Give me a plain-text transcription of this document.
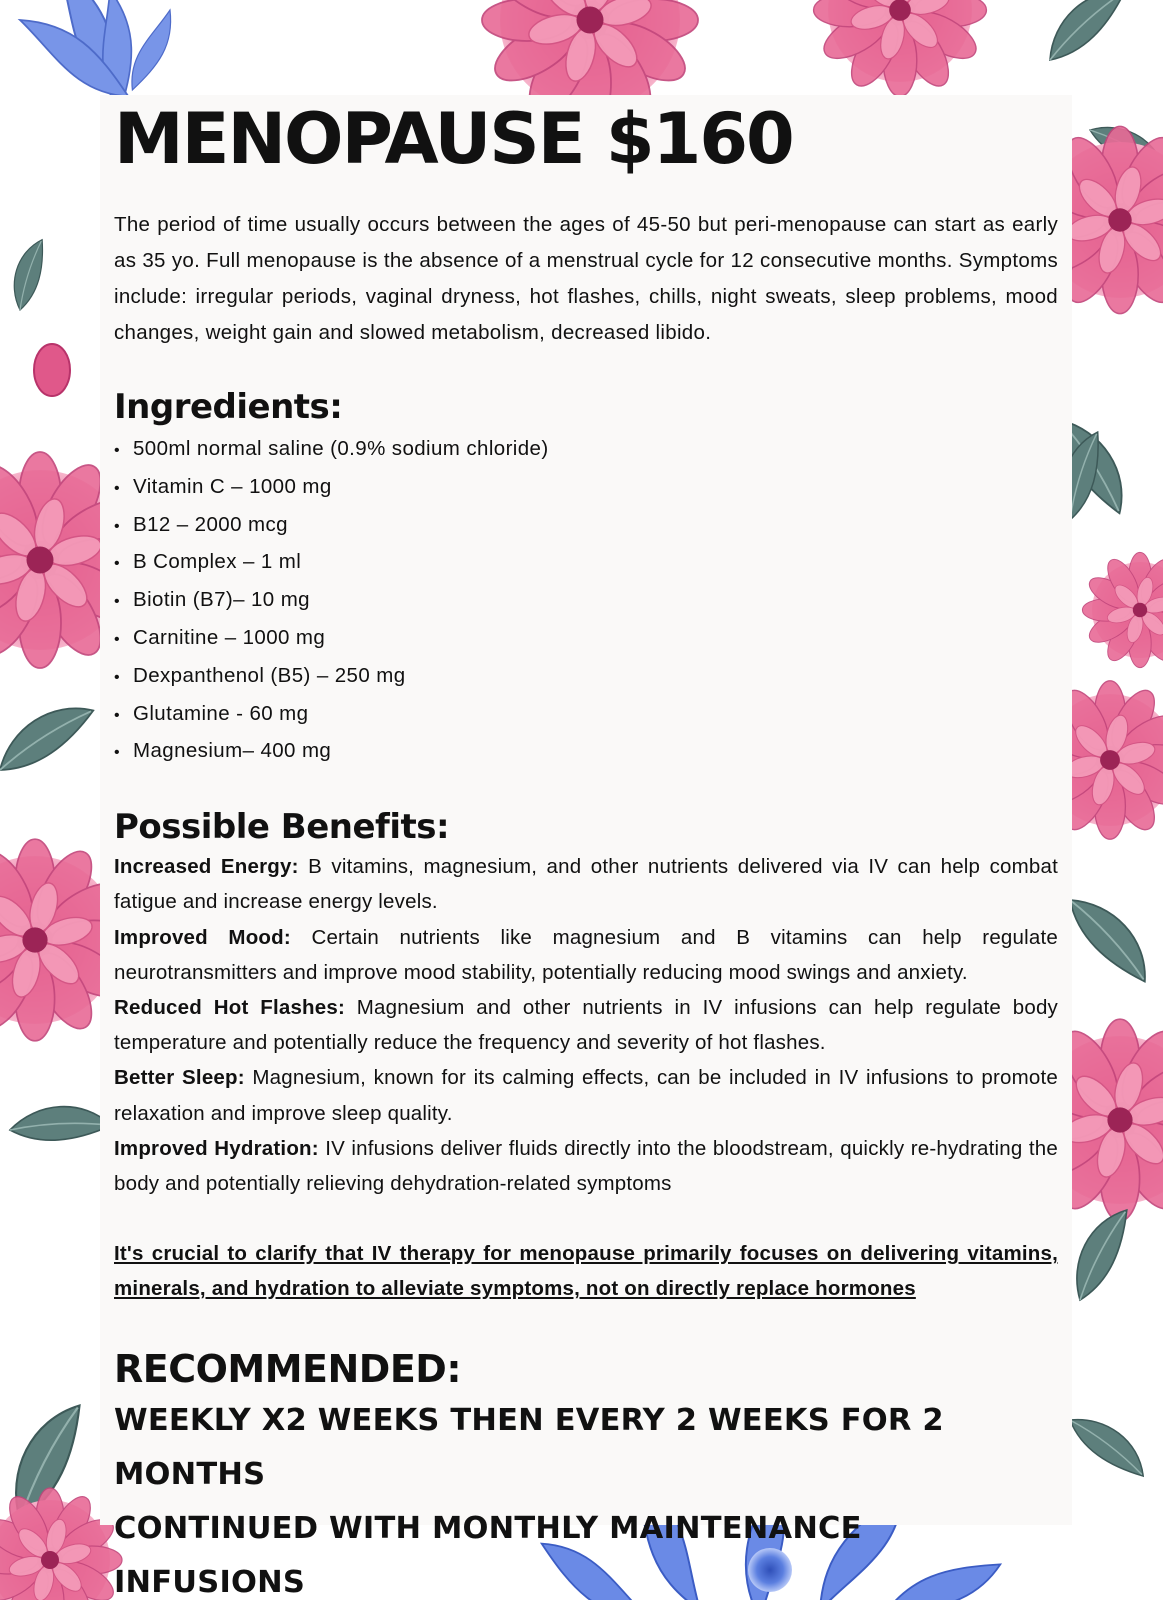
MENOPAUSE $160

The period of time usually occurs between the ages of 45-50 but peri-menopause can start as early as 35 yo. Full menopause is the absence of a menstrual cycle for 12 consecutive months. Symptoms include: irregular periods, vaginal dryness, hot flashes, chills, night sweats, sleep problems, mood changes, weight gain and slowed metabolism, decreased libido.

Ingredients:
• 500ml normal saline (0.9% sodium chloride)
• Vitamin C – 1000 mg
• B12 – 2000 mcg
• B Complex – 1 ml
• Biotin (B7)– 10 mg
• Carnitine – 1000 mg
• Dexpanthenol (B5) – 250 mg
• Glutamine - 60 mg
• Magnesium– 400 mg
Possible Benefits:

Increased Energy: B vitamins, magnesium, and other nutrients delivered via IV can help combat fatigue and increase energy levels.

Improved Mood: Certain nutrients like magnesium and B vitamins can help regulate neurotransmitters and improve mood stability, potentially reducing mood swings and anxiety.

Reduced Hot Flashes: Magnesium and other nutrients in IV infusions can help regulate body temperature and potentially reduce the frequency and severity of hot flashes.

Better Sleep: Magnesium, known for its calming effects, can be included in IV infusions to promote relaxation and improve sleep quality.

Improved Hydration: IV infusions deliver fluids directly into the bloodstream, quickly re-hydrating the body and potentially relieving dehydration-related symptoms

It's crucial to clarify that IV therapy for menopause primarily focuses on delivering vitamins, minerals, and hydration to alleviate symptoms, not on directly replace hormones

RECOMMENDED:

WEEKLY X2 WEEKS THEN EVERY 2 WEEKS FOR 2 MONTHS

CONTINUED WITH MONTHLY MAINTENANCE INFUSIONS
